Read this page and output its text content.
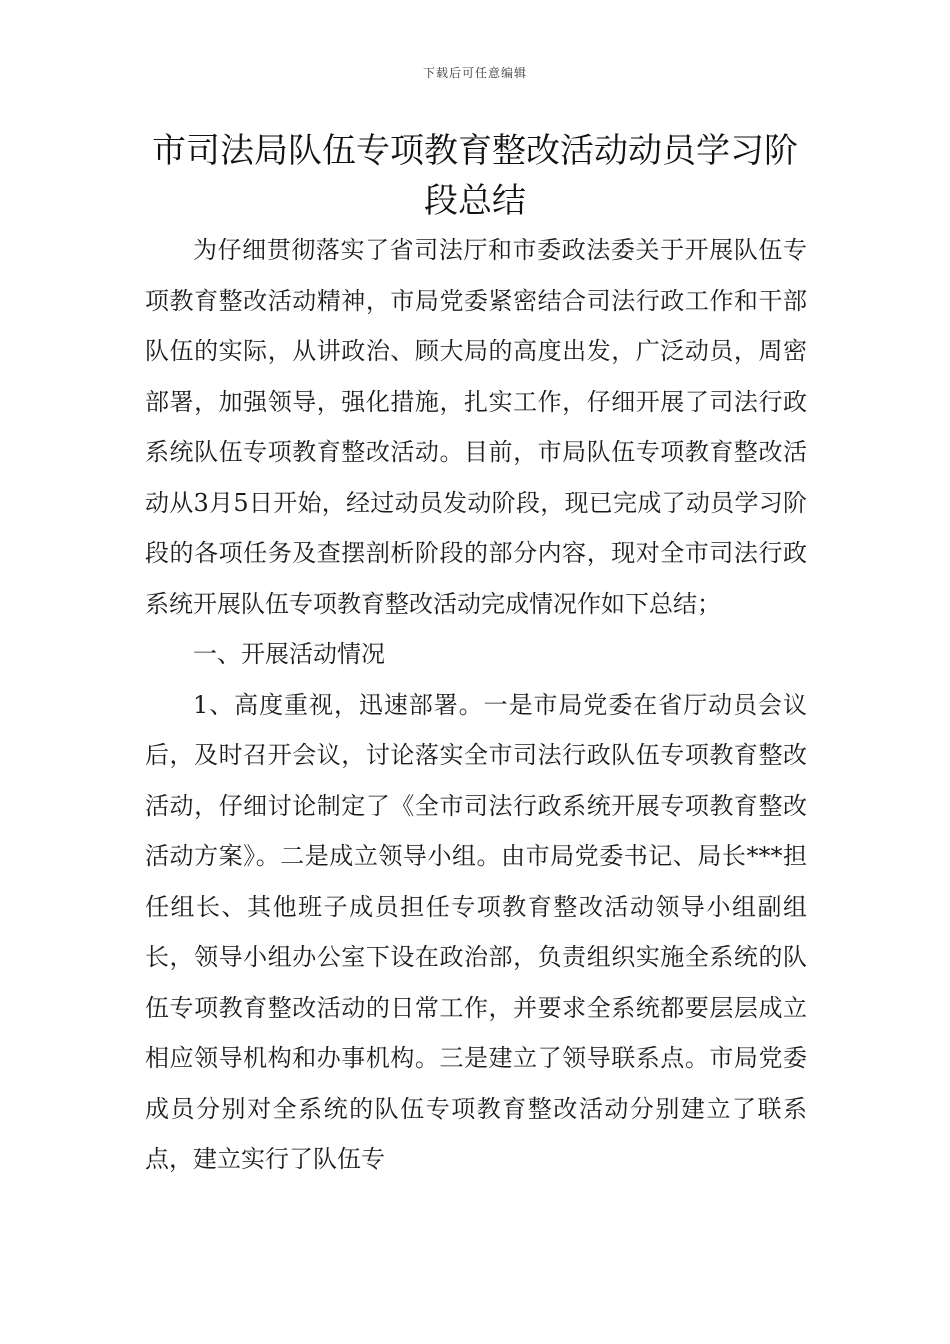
下载后可任意编辑
市司法局队伍专项教育整改活动动员学习阶段总结

为仔细贯彻落实了省司法厅和市委政法委关于开展队伍专项教育整改活动精神，市局党委紧密结合司法行政工作和干部队伍的实际，从讲政治、顾大局的高度出发，广泛动员，周密部署，加强领导，强化措施，扎实工作，仔细开展了司法行政系统队伍专项教育整改活动。目前，市局队伍专项教育整改活动从3月5日开始，经过动员发动阶段，现已完成了动员学习阶段的各项任务及查摆剖析阶段的部分内容，现对全市司法行政系统开展队伍专项教育整改活动完成情况作如下总结；

一、开展活动情况

1、高度重视，迅速部署。一是市局党委在省厅动员会议后，及时召开会议，讨论落实全市司法行政队伍专项教育整改活动，仔细讨论制定了《全市司法行政系统开展专项教育整改活动方案》。二是成立领导小组。由市局党委书记、局长***担任组长、其他班子成员担任专项教育整改活动领导小组副组长，领导小组办公室下设在政治部，负责组织实施全系统的队伍专项教育整改活动的日常工作，并要求全系统都要层层成立相应领导机构和办事机构。三是建立了领导联系点。市局党委成员分别对全系统的队伍专项教育整改活动分别建立了联系点，建立实行了队伍专
